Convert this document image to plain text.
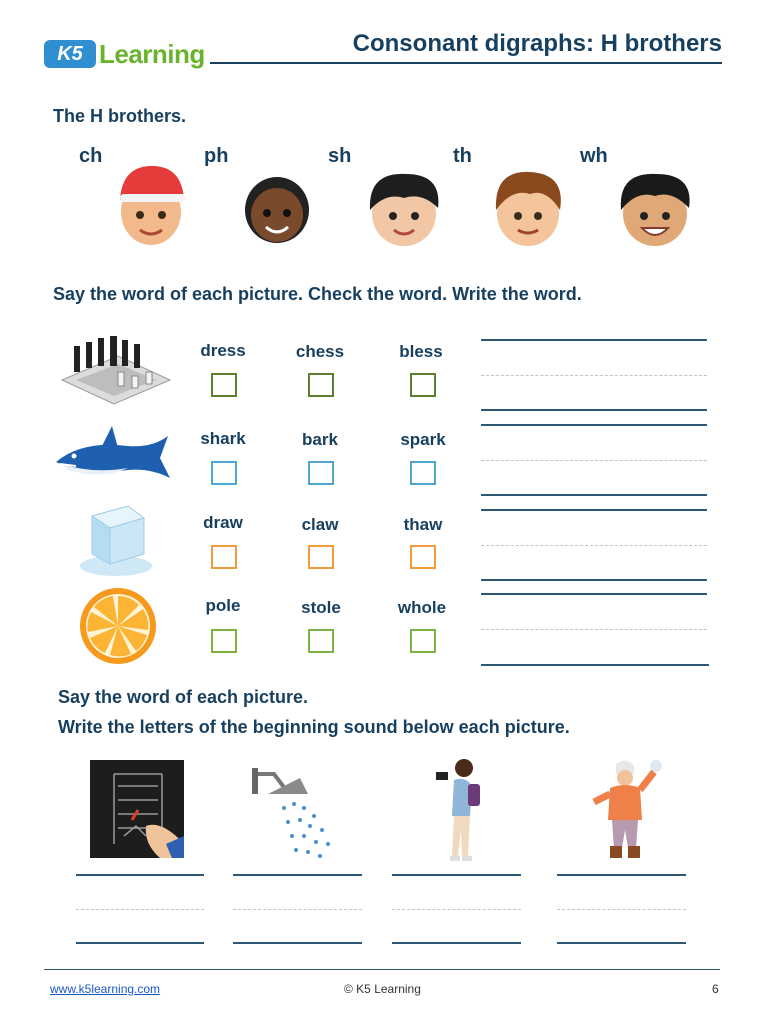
K5 Learning	Consonant digraphs: H brothers
The H brothers.
ch	ph	sh	th	wh
Say the word of each picture. Check the word. Write the word.
dress	chess	bless
shark	bark	spark
draw	claw	thaw
pole	stole	whole
Say the word of each picture.
Write the letters of the beginning sound below each picture.
www.k5learning.com	© K5 Learning	6
